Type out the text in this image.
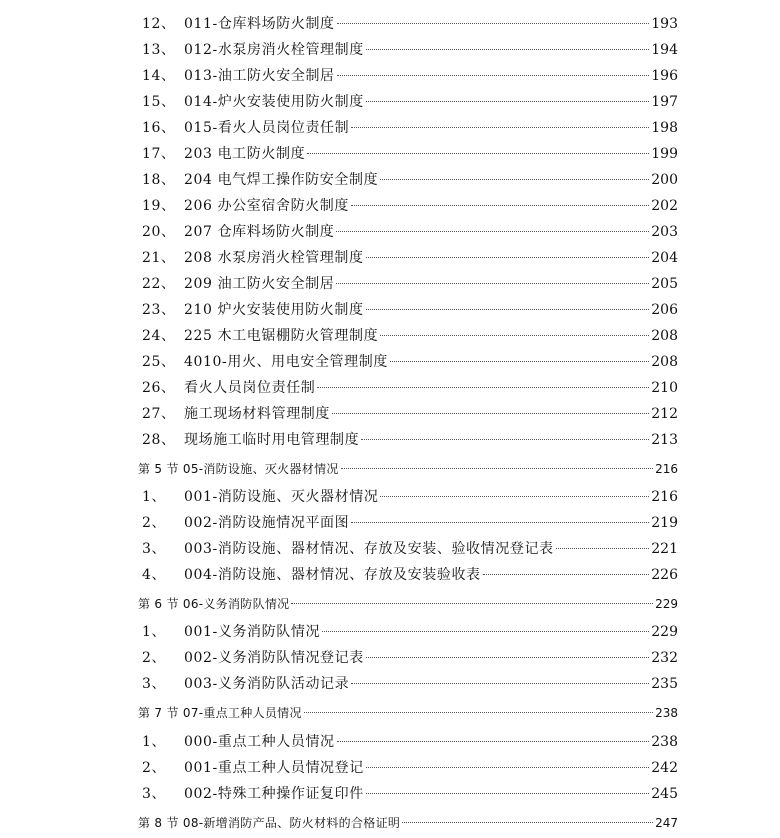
12、 011-仓库料场防火制度	193
13、 012-水泵房消火栓管理制度	194
14、 013-油工防火安全制居	196
15、 014-炉火安装使用防火制度	197
16、 015-看火人员岗位责任制	198
17、 203 电工防火制度	199
18、 204 电气焊工操作防安全制度	200
19、 206 办公室宿舍防火制度	202
20、 207 仓库料场防火制度	203
21、 208 水泵房消火栓管理制度	204
22、 209 油工防火安全制居	205
23、 210 炉火安装使用防火制度	206
24、 225 木工电锯棚防火管理制度	208
25、 4010-用火、用电安全管理制度	208
26、 看火人员岗位责任制	210
27、 施工现场材料管理制度	212
28、 现场施工临时用电管理制度	213
第 5 节 05-消防设施、灭火器材情况	216
1、	001-消防设施、灭火器材情况	216
2、	002-消防设施情况平面图	219
3、	003-消防设施、器材情况、存放及安装、验收情况登记表	221
4、	004-消防设施、器材情况、存放及安装验收表	226
第 6 节 06-义务消防队情况	229
1、	001-义务消防队情况	229
2、	002-义务消防队情况登记表	232
3、	003-义务消防队活动记录	235
第 7 节 07-重点工种人员情况	238
1、	000-重点工种人员情况	238
2、	001-重点工种人员情况登记	242
3、	002-特殊工种操作证复印件	245
第 8 节 08-新增消防产品、防火材料的合格证明	247
